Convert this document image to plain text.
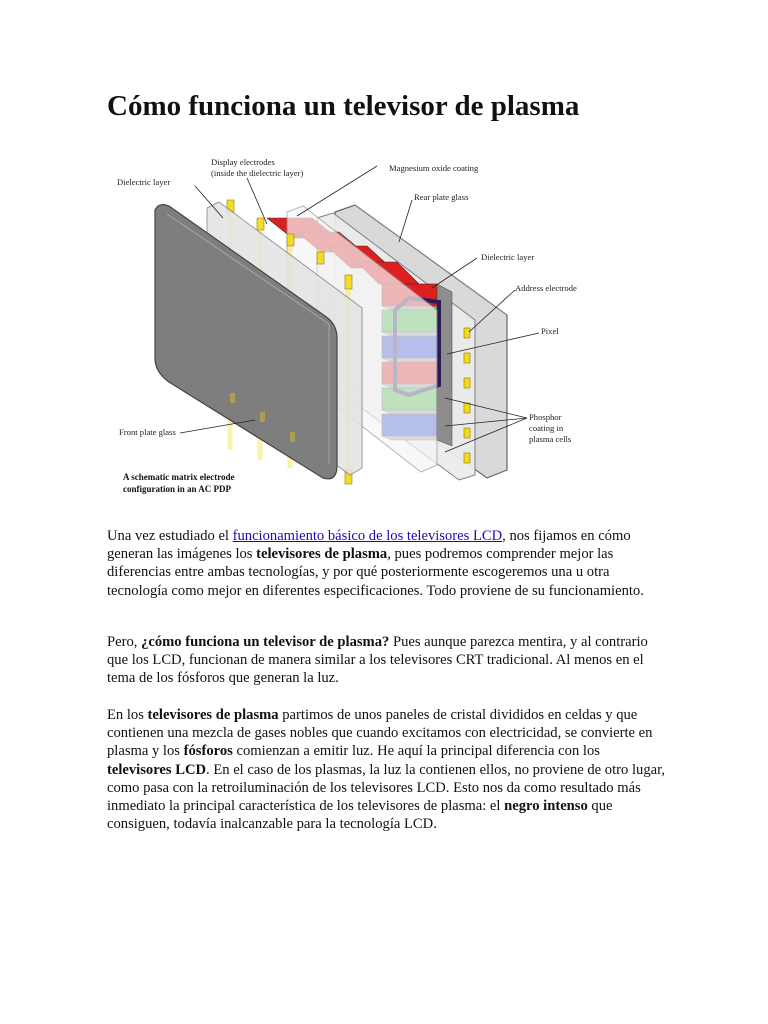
Cómo funciona un televisor de plasma
Display electrodes
(inside the dielectric layer)	Magnesium oxide coating
Dielectric layer
Rear plate glass
Dielectric layer
Address electrode
Pixel
Phosphor
coating in
plasma cells
Front plate glass
A schematic matrix electrode
configuration in an AC PDP

Una vez estudiado el funcionamiento básico de los televisores LCD, nos fijamos en cómo generan las imágenes los televisores de plasma, pues podremos comprender mejor las diferencias entre ambas tecnologías, y por qué posteriormente escogeremos una u otra tecnología como mejor en diferentes especificaciones. Todo proviene de su funcionamiento.

Pero, ¿cómo funciona un televisor de plasma? Pues aunque parezca mentira, y al contrario que los LCD, funcionan de manera similar a los televisores CRT tradicional. Al menos en el tema de los fósforos que generan la luz.

En los televisores de plasma partimos de unos paneles de cristal divididos en celdas y que contienen una mezcla de gases nobles que cuando excitamos con electricidad, se convierte en plasma y los fósforos comienzan a emitir luz. He aquí la principal diferencia con los televisores LCD. En el caso de los plasmas, la luz la contienen ellos, no proviene de otro lugar, como pasa con la retroiluminación de los televisores LCD. Esto nos da como resultado más inmediato la principal característica de los televisores de plasma: el negro intenso que consiguen, todavía inalcanzable para la tecnología LCD.
